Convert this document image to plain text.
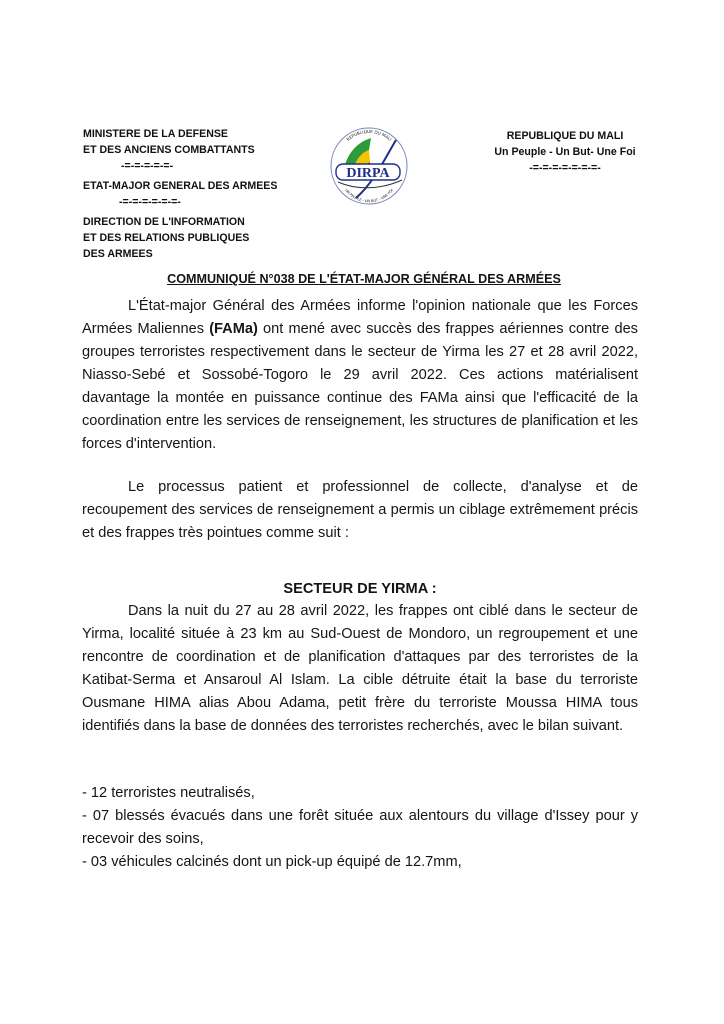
MINISTERE DE LA DEFENSE
ET DES ANCIENS COMBATTANTS
-=-=-=-=-=-
ETAT-MAJOR GENERAL DES ARMEES
-=-=-=-=-=-=-
DIRECTION DE L'INFORMATION
ET DES RELATIONS PUBLIQUES
DES ARMEES
DIRPA
REPUBLIQUE DU MALI
UN PEUPLE - UN BUT - UNE FOI
REPUBLIQUE DU MALI
Un Peuple - Un But- Une Foi
-=-=-=-=-=-=-=-
COMMUNIQUÉ N°038 DE L'ÉTAT-MAJOR GÉNÉRAL DES ARMÉES
L'État-major Général des Armées informe l'opinion nationale que les Forces Armées Maliennes (FAMa) ont mené avec succès des frappes aériennes contre des groupes terroristes respectivement dans le secteur de Yirma les 27 et 28 avril 2022, Niasso-Sebé et Sossobé-Togoro le 29 avril 2022. Ces actions matérialisent davantage la montée en puissance continue des FAMa ainsi que l'efficacité de la coordination entre les services de renseignement, les structures de planification et les forces d'intervention.
Le processus patient et professionnel de collecte, d'analyse et de recoupement des services de renseignement a permis un ciblage extrêmement précis et des frappes très pointues comme suit :
SECTEUR DE YIRMA :
Dans la nuit du 27 au 28 avril 2022, les frappes ont ciblé dans le secteur de Yirma, localité située à 23 km au Sud-Ouest de Mondoro, un regroupement et une rencontre de coordination et de planification d'attaques par des terroristes de la Katibat-Serma et Ansaroul Al Islam. La cible détruite était la base du terroriste Ousmane HIMA alias Abou Adama, petit frère du terroriste Moussa HIMA tous identifiés dans la base de données des terroristes recherchés, avec le bilan suivant.
- 12 terroristes neutralisés,
- 07 blessés évacués dans une forêt située aux alentours du village d'Issey pour y recevoir des soins,
- 03 véhicules calcinés dont un pick-up équipé de 12.7mm,
